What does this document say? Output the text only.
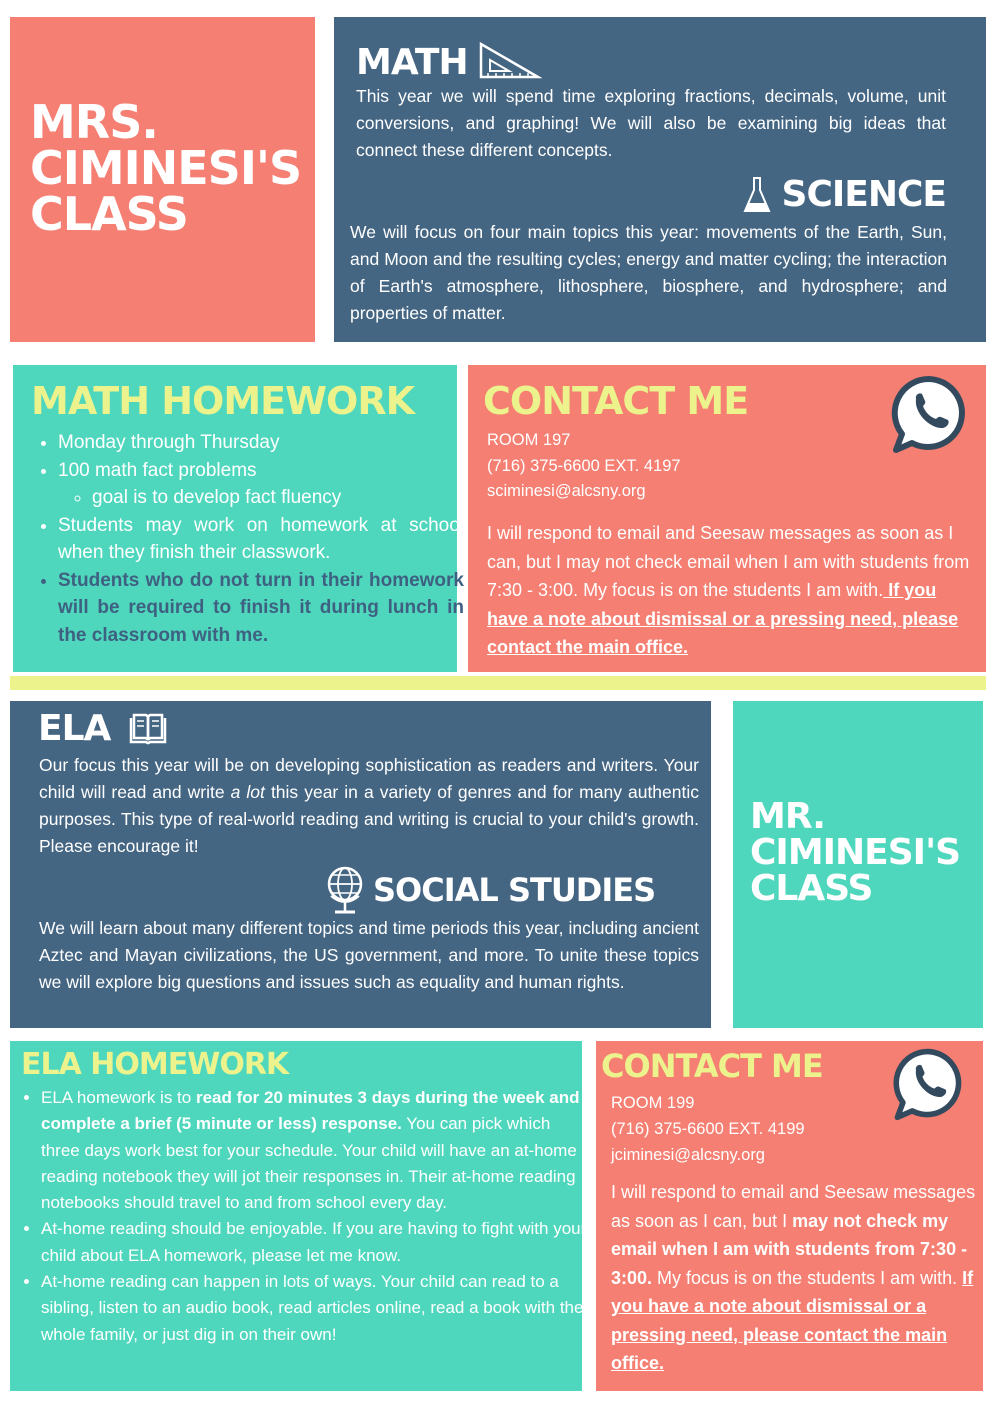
MRS.
CIMINESI'S
CLASS
MATH

This year we will spend time exploring fractions, decimals, volume, unit conversions, and graphing! We will also be examining big ideas that connect these different concepts.

SCIENCE

We will focus on four main topics this year: movements of the Earth, Sun, and Moon and the resulting cycles; energy and matter cycling; the interaction of Earth's atmosphere, lithosphere, biosphere, and hydrosphere; and properties of matter.

MATH HOMEWORK
• Monday through Thursday
• 100 math fact problems
◦ goal is to develop fact fluency
• Students may work on homework at school when they finish their classwork.
• Students who do not turn in their homework will be required to finish it during lunch in the classroom with me.
CONTACT ME
ROOM 197
(716) 375-6600 EXT. 4197
sciminesi@alcsny.org

I will respond to email and Seesaw messages as soon as I can, but I may not check email when I am with students from 7:30 - 3:00. My focus is on the students I am with. If you have a note about dismissal or a pressing need, please contact the main office.

ELA

Our focus this year will be on developing sophistication as readers and writers. Your child will read and write a lot this year in a variety of genres and for many authentic purposes. This type of real-world reading and writing is crucial to your child's growth. Please encourage it!

SOCIAL STUDIES

We will learn about many different topics and time periods this year, including ancient Aztec and Mayan civilizations, the US government, and more. To unite these topics we will explore big questions and issues such as equality and human rights.

MR.
CIMINESI'S
CLASS
ELA HOMEWORK
• ELA homework is to read for 20 minutes 3 days during the week and complete a brief (5 minute or less) response. You can pick which three days work best for your schedule. Your child will have an at-home reading notebook they will jot their responses in. Their at-home reading notebooks should travel to and from school every day.
• At-home reading should be enjoyable. If you are having to fight with your child about ELA homework, please let me know.
• At-home reading can happen in lots of ways. Your child can read to a sibling, listen to an audio book, read articles online, read a book with the whole family, or just dig in on their own!
CONTACT ME
ROOM 199
(716) 375-6600 EXT. 4199
jciminesi@alcsny.org

I will respond to email and Seesaw messages as soon as I can, but I may not check my email when I am with students from 7:30 - 3:00. My focus is on the students I am with. If you have a note about dismissal or a pressing need, please contact the main office.
